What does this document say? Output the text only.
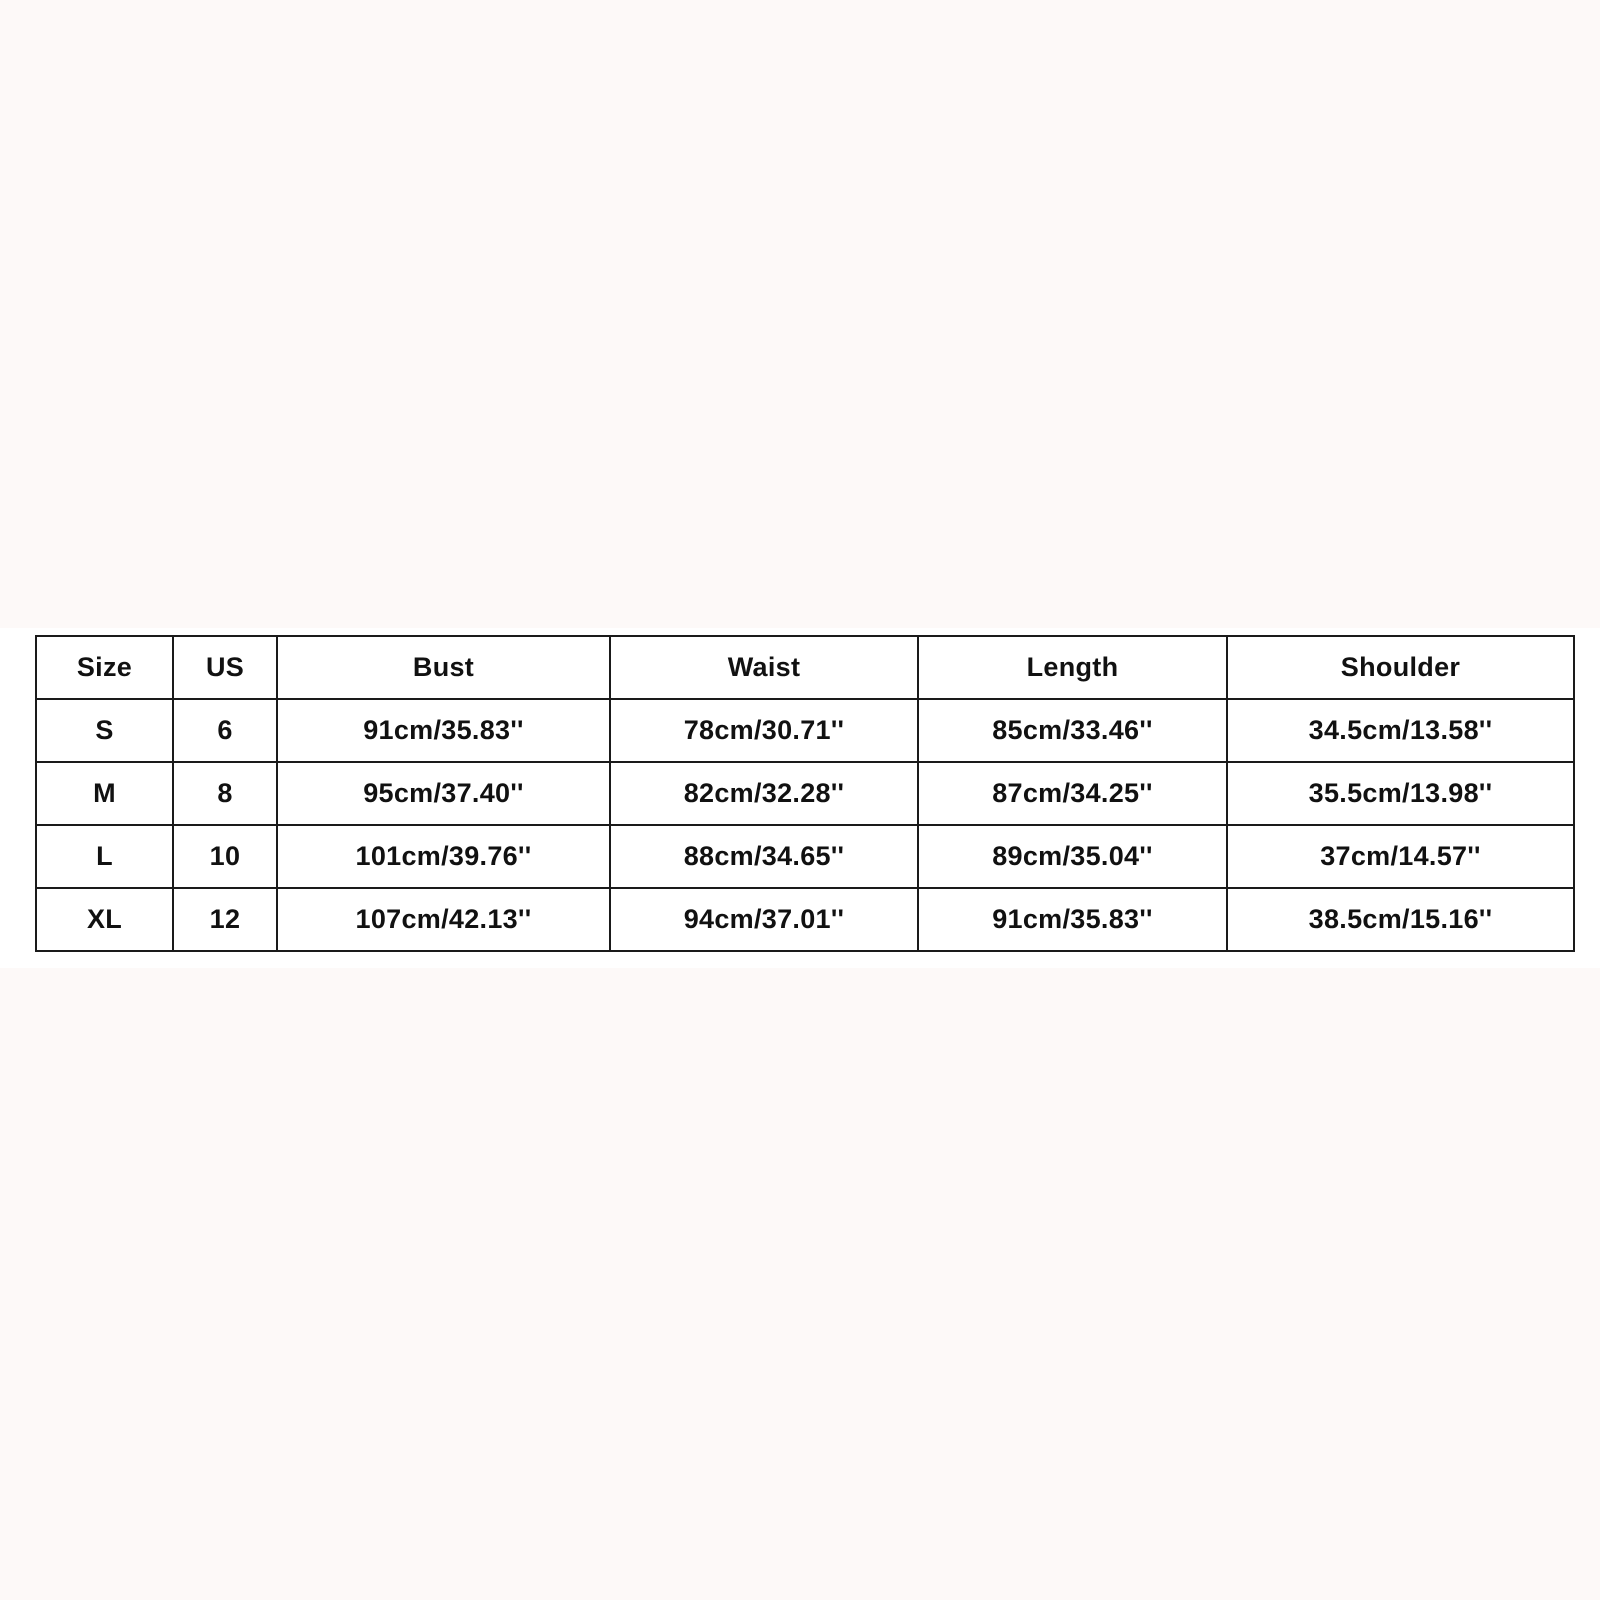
Size	US	Bust	Waist	Length	Shoulder
S	6	91cm/35.83''	78cm/30.71''	85cm/33.46''	34.5cm/13.58''
M	8	95cm/37.40''	82cm/32.28''	87cm/34.25''	35.5cm/13.98''
L	10	101cm/39.76''	88cm/34.65''	89cm/35.04''	37cm/14.57''
XL	12	107cm/42.13''	94cm/37.01''	91cm/35.83''	38.5cm/15.16''
